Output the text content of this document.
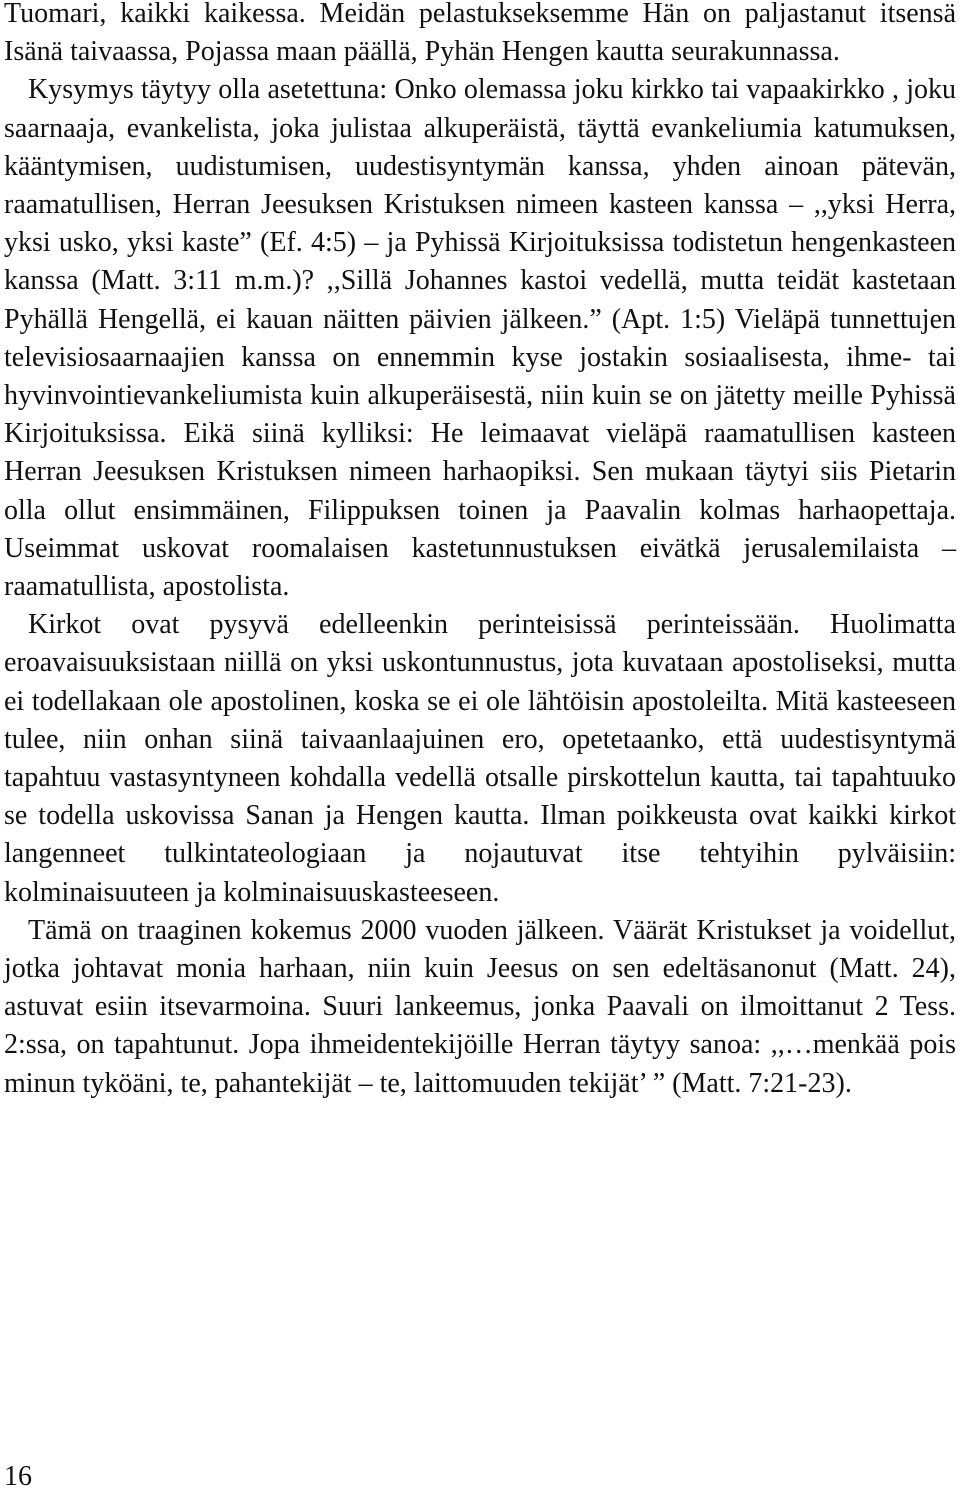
Tuomari, kaikki kaikessa. Meidän pelastukseksemme Hän on paljastanut itsensä Isänä taivaassa, Pojassa maan päällä, Pyhän Hengen kautta seurakunnassa.

Kysymys täytyy olla asetettuna: Onko olemassa joku kirkko tai vapaakirkko , joku saarnaaja, evankelista, joka julistaa alkuperäistä, täyttä evankeliumia katumuksen, kääntymisen, uudistumisen, uudestisyntymän kanssa, yhden ainoan pätevän, raamatullisen, Herran Jeesuksen Kristuksen nimeen kasteen kanssa – ,,yksi Herra, yksi usko, yksi kaste” (Ef. 4:5) – ja Pyhissä Kirjoituksissa todistetun hengenkasteen kanssa (Matt. 3:11 m.m.)? ,,Sillä Johannes kastoi vedellä, mutta teidät kastetaan Pyhällä Hengellä, ei kauan näitten päivien jälkeen.” (Apt. 1:5) Vieläpä tunnettujen televisiosaarnaajien kanssa on ennemmin kyse jostakin sosiaalisesta, ihme- tai hyvinvointievankeliumista kuin alkuperäisestä, niin kuin se on jätetty meille Pyhissä Kirjoituksissa. Eikä siinä kylliksi: He leimaavat vieläpä raamatullisen kasteen Herran Jeesuksen Kristuksen nimeen harhaopiksi. Sen mukaan täytyi siis Pietarin olla ollut ensimmäinen, Filippuksen toinen ja Paavalin kolmas harhaopettaja. Useimmat uskovat roomalaisen kastetunnustuksen eivätkä jerusalemilaista – raamatullista, apostolista.

Kirkot ovat pysyvä edelleenkin perinteisissä perinteissään. Huolimatta eroavaisuuksistaan niillä on yksi uskontunnustus, jota kuvataan apostoliseksi, mutta ei todellakaan ole apostolinen, koska se ei ole lähtöisin apostoleilta. Mitä kasteeseen tulee, niin onhan siinä taivaanlaajuinen ero, opetetaanko, että uudestisyntymä tapahtuu vastasyntyneen kohdalla vedellä otsalle pirskottelun kautta, tai tapahtuuko se todella uskovissa Sanan ja Hengen kautta. Ilman poikkeusta ovat kaikki kirkot langenneet tulkintateologiaan ja nojautuvat itse tehtyihin pylväisiin: kolminaisuuteen ja kolminaisuuskasteeseen.

Tämä on traaginen kokemus 2000 vuoden jälkeen. Väärät Kristukset ja voidellut, jotka johtavat monia harhaan, niin kuin Jeesus on sen edeltäsanonut (Matt. 24), astuvat esiin itsevarmoina. Suuri lankeemus, jonka Paavali on ilmoittanut 2 Tess. 2:ssa, on tapahtunut. Jopa ihmeidentekijöille Herran täytyy sanoa: ,,…menkää pois minun tyköäni, te, pahantekijät – te, laittomuuden tekijät’ ” (Matt. 7:21-23).

16
